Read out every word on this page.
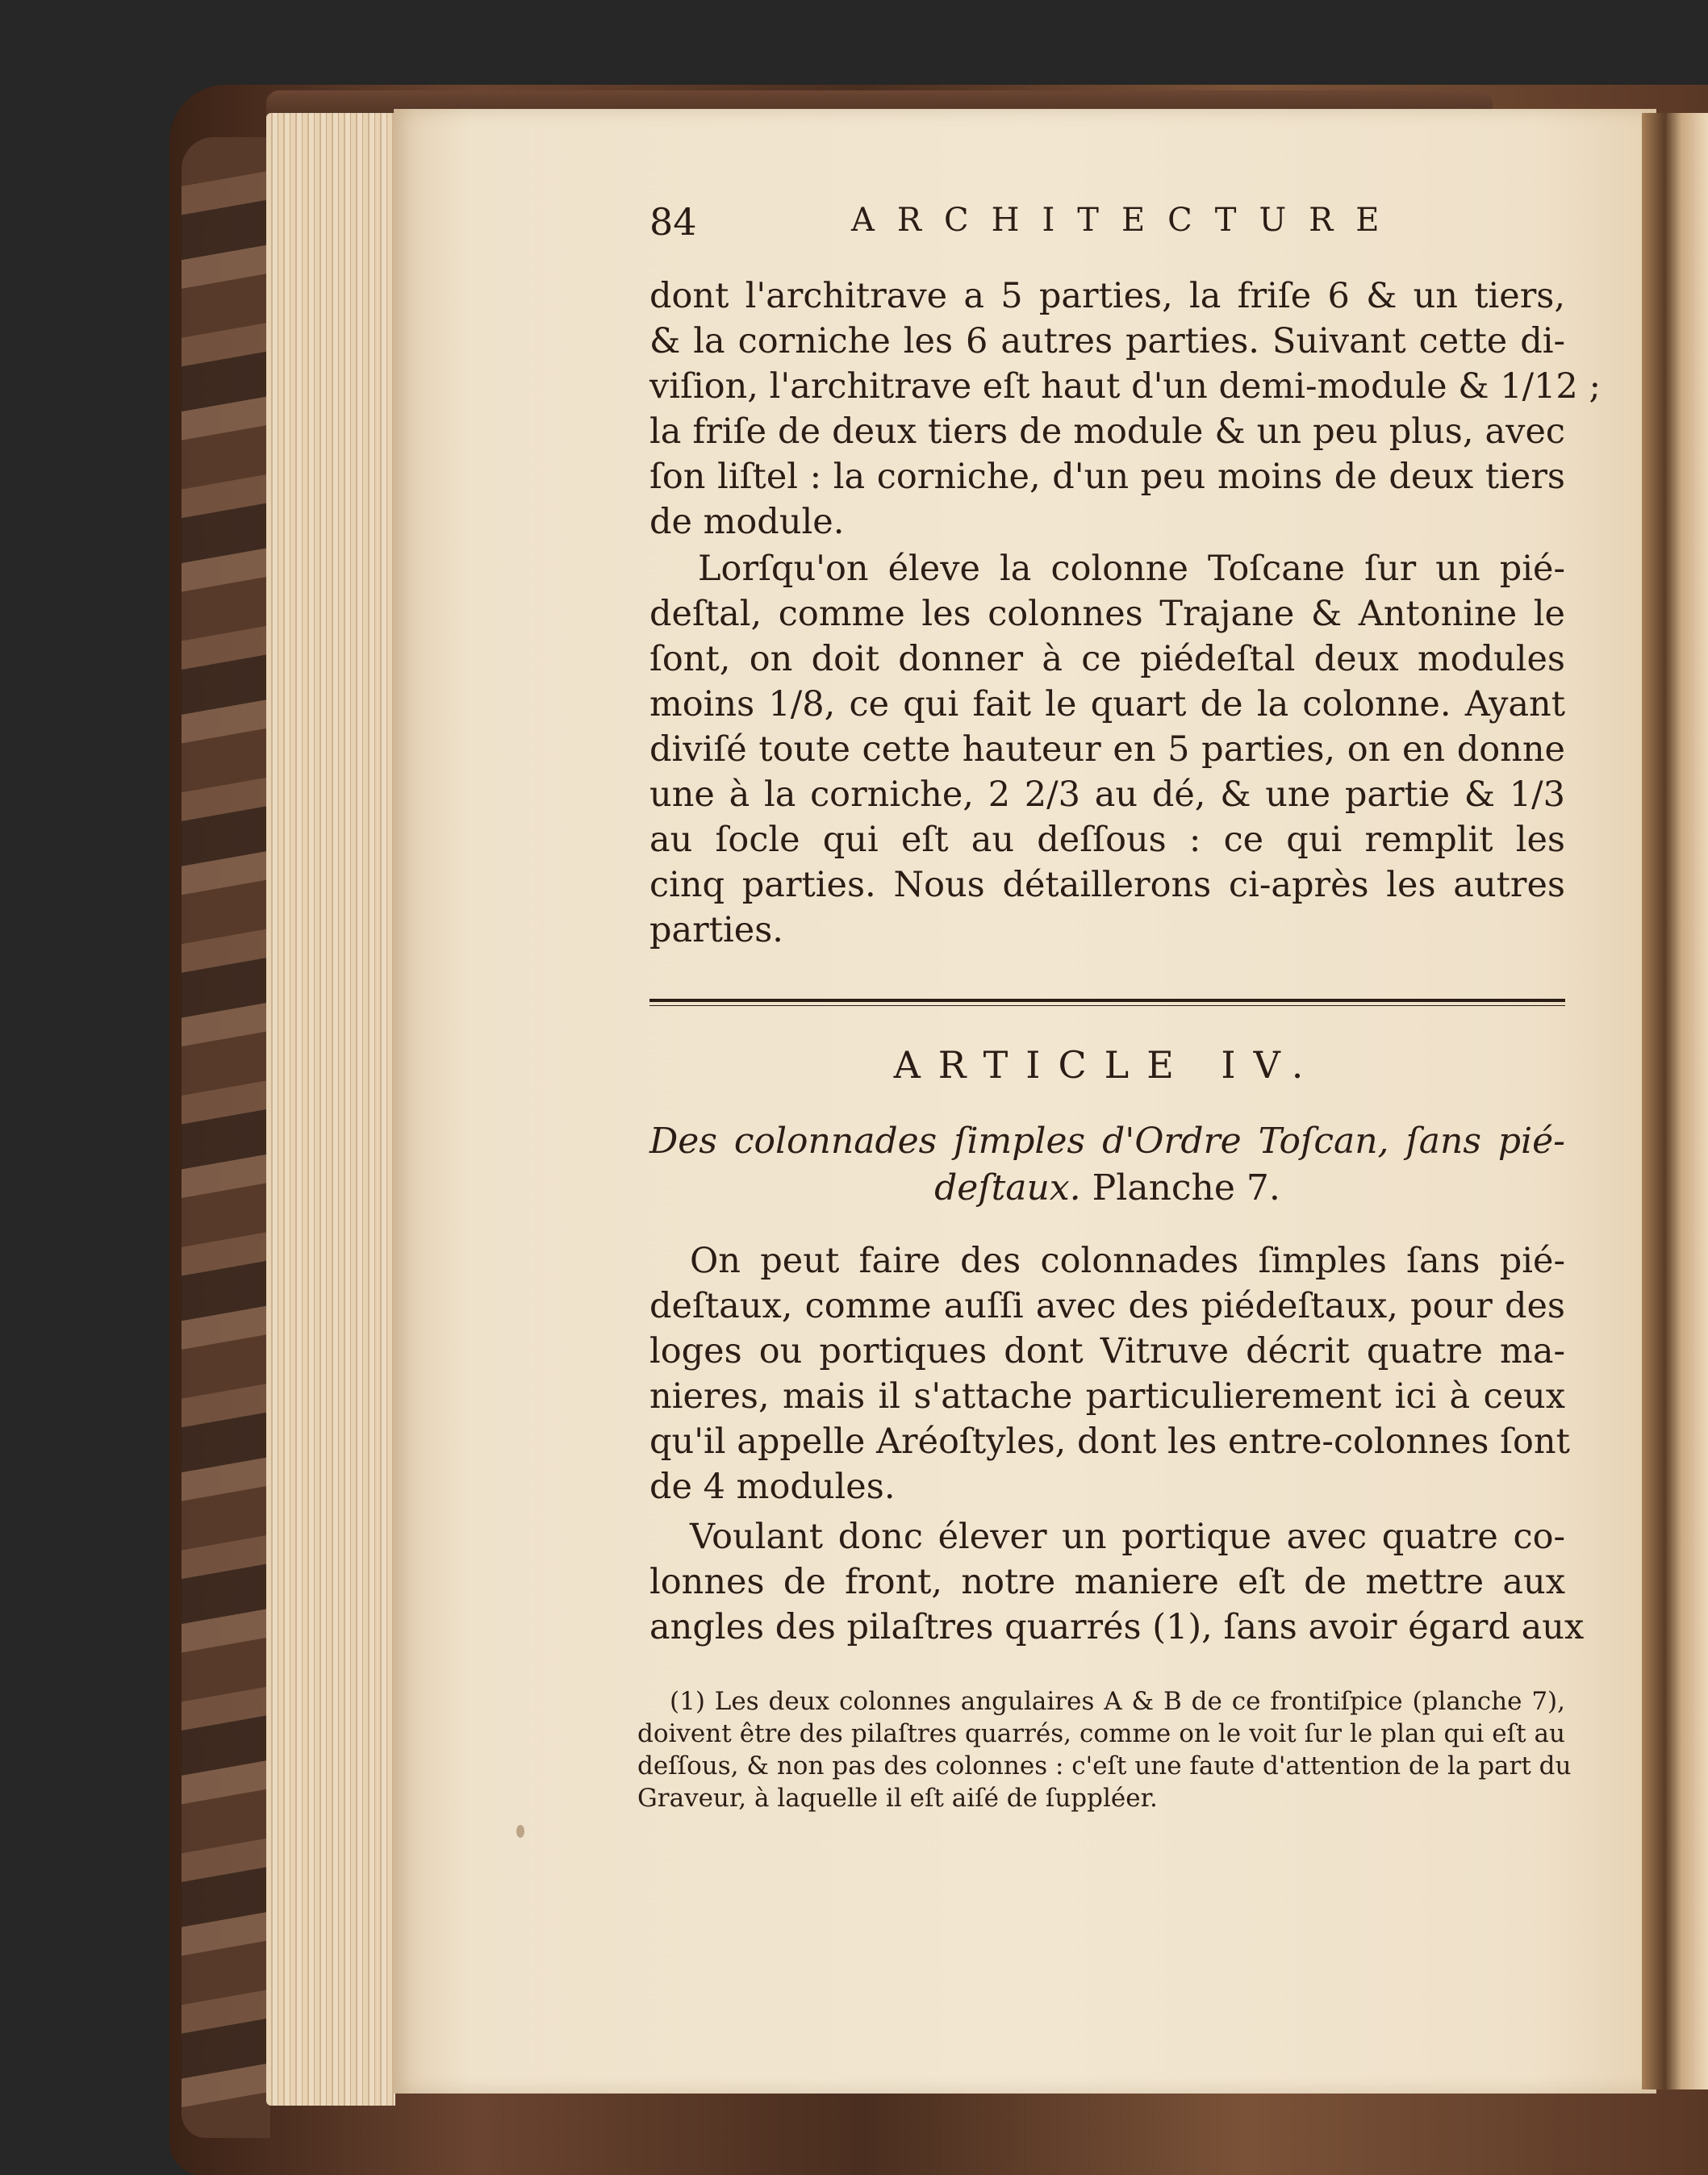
84	ARCHITECTURE
dont l'architrave a 5 parties, la friſe 6 & un tiers,
& la corniche les 6 autres parties. Suivant cette di-
viſion, l'architrave eſt haut d'un demi-module & 1/12 ;
la friſe de deux tiers de module & un peu plus, avec
ſon liſtel : la corniche, d'un peu moins de deux tiers
de module.
Lorſqu'on éleve la colonne Toſcane ſur un pié-
deſtal, comme les colonnes Trajane & Antonine le
ſont, on doit donner à ce piédeſtal deux modules
moins 1/8, ce qui fait le quart de la colonne. Ayant
diviſé toute cette hauteur en 5 parties, on en donne
une à la corniche, 2 2/3 au dé, & une partie & 1/3
au ſocle qui eſt au deſſous : ce qui remplit les
cinq parties. Nous détaillerons ci-après les autres
parties.
ARTICLE IV.
Des colonnades ſimples d'Ordre Toſcan, ſans pié-
deſtaux. Planche 7.
On peut faire des colonnades ſimples ſans pié-
deſtaux, comme auſſi avec des piédeſtaux, pour des
loges ou portiques dont Vitruve décrit quatre ma-
nieres, mais il s'attache particulierement ici à ceux
qu'il appelle Aréoſtyles, dont les entre-colonnes ſont
de 4 modules.
Voulant donc élever un portique avec quatre co-
lonnes de front, notre maniere eſt de mettre aux
angles des pilaſtres quarrés (1), ſans avoir égard aux
(1) Les deux colonnes angulaires A & B de ce frontiſpice (planche 7),
doivent être des pilaſtres quarrés, comme on le voit ſur le plan qui eſt au
deſſous, & non pas des colonnes : c'eſt une faute d'attention de la part du
Graveur, à laquelle il eſt aiſé de ſuppléer.
